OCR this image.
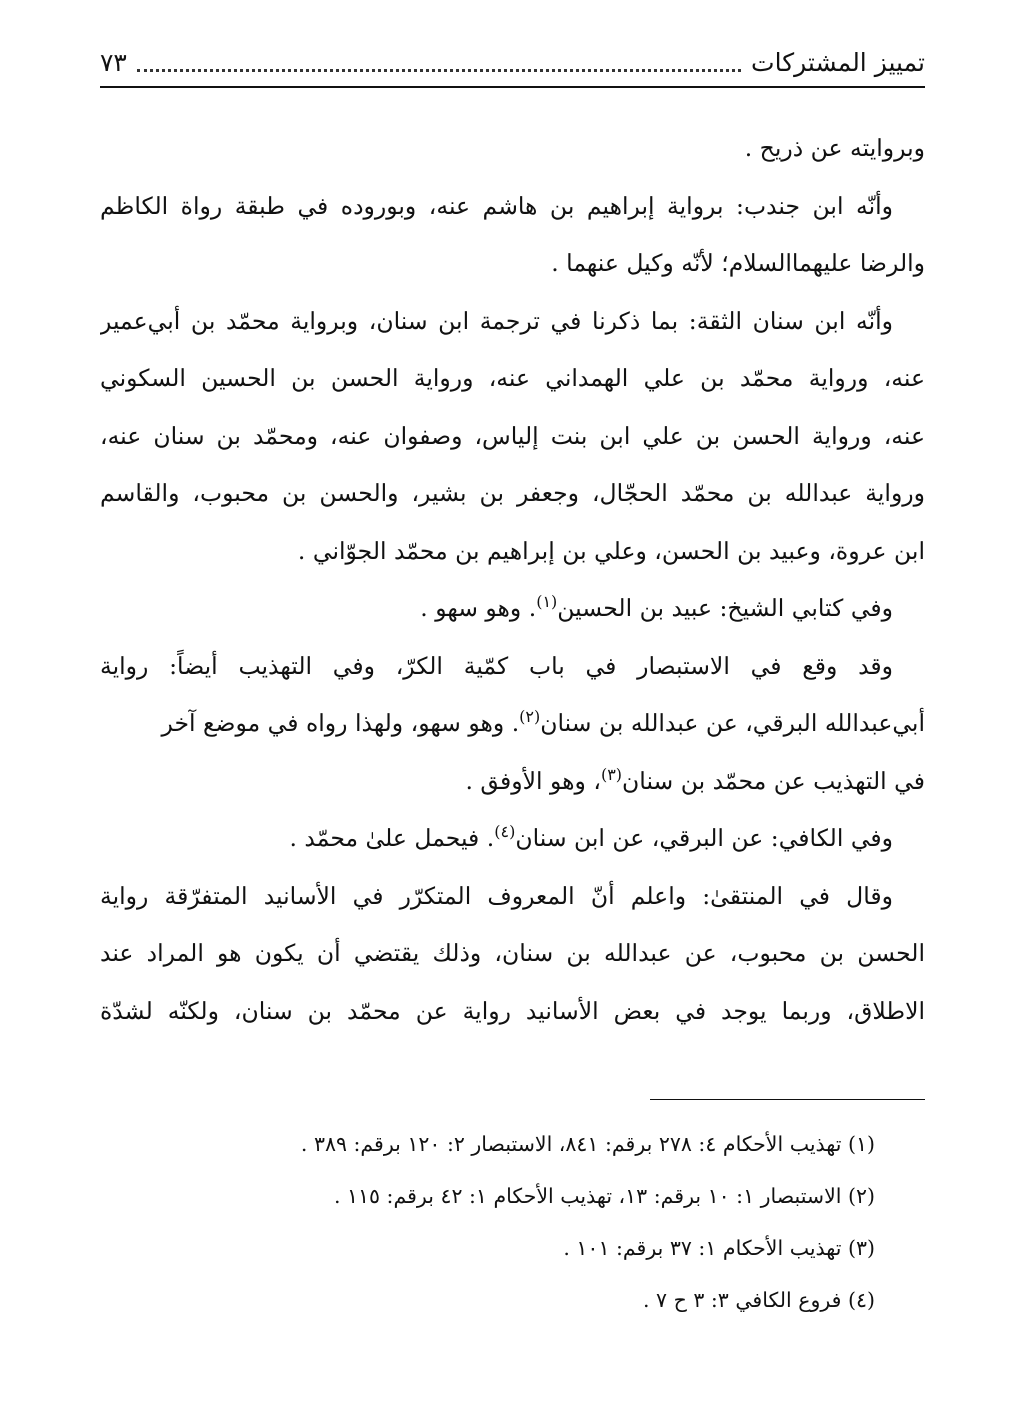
تمييز المشتركات
٧٣
وبروايته عن ذريح .
وأنّه ابن جندب: برواية إبراهيم بن هاشم عنه، وبوروده في طبقة رواة الكاظم
والرضا عليهماالسلام؛ لأنّه وكيل عنهما .
وأنّه ابن سنان الثقة: بما ذكرنا في ترجمة ابن سنان، وبرواية محمّد بن أبي‌عمير
عنه، ورواية محمّد بن علي الهمداني عنه، ورواية الحسن بن الحسين السكوني
عنه، ورواية الحسن بن علي ابن بنت إلياس، وصفوان عنه، ومحمّد بن سنان عنه،
ورواية عبدالله بن محمّد الحجّال، وجعفر بن بشير، والحسن بن محبوب، والقاسم
ابن عروة، وعبيد بن الحسن، وعلي بن إبراهيم بن محمّد الجوّاني .
وفي كتابي الشيخ: عبيد بن الحسين$^{(١)}$. وهو سهو .
وقد وقع في الاستبصار في باب كمّية الكرّ، وفي التهذيب أيضاً: رواية
أبي‌عبدالله البرقي، عن عبدالله بن سنان$^{(٢)}$. وهو سهو، ولهذا رواه في موضع آخر
في التهذيب عن محمّد بن سنان$^{(٣)}$، وهو الأوفق .
وفي الكافي: عن البرقي، عن ابن سنان$^{(٤)}$. فيحمل علىٰ محمّد .
وقال في المنتقىٰ: واعلم أنّ المعروف المتكرّر في الأسانيد المتفرّقة رواية
الحسن بن محبوب، عن عبدالله بن سنان، وذلك يقتضي أن يكون هو المراد عند
الاطلاق، وربما يوجد في بعض الأسانيد رواية عن محمّد بن سنان، ولكنّه لشدّة
(١) تهذيب الأحكام ٤: ٢٧٨ برقم: ٨٤١، الاستبصار ٢: ١٢٠ برقم: ٣٨٩ .
(٢) الاستبصار ١: ١٠ برقم: ١٣، تهذيب الأحكام ١: ٤٢ برقم: ١١٥ .
(٣) تهذيب الأحكام ١: ٣٧ برقم: ١٠١ .
(٤) فروع الكافي ٣: ٣ ح ٧ .
